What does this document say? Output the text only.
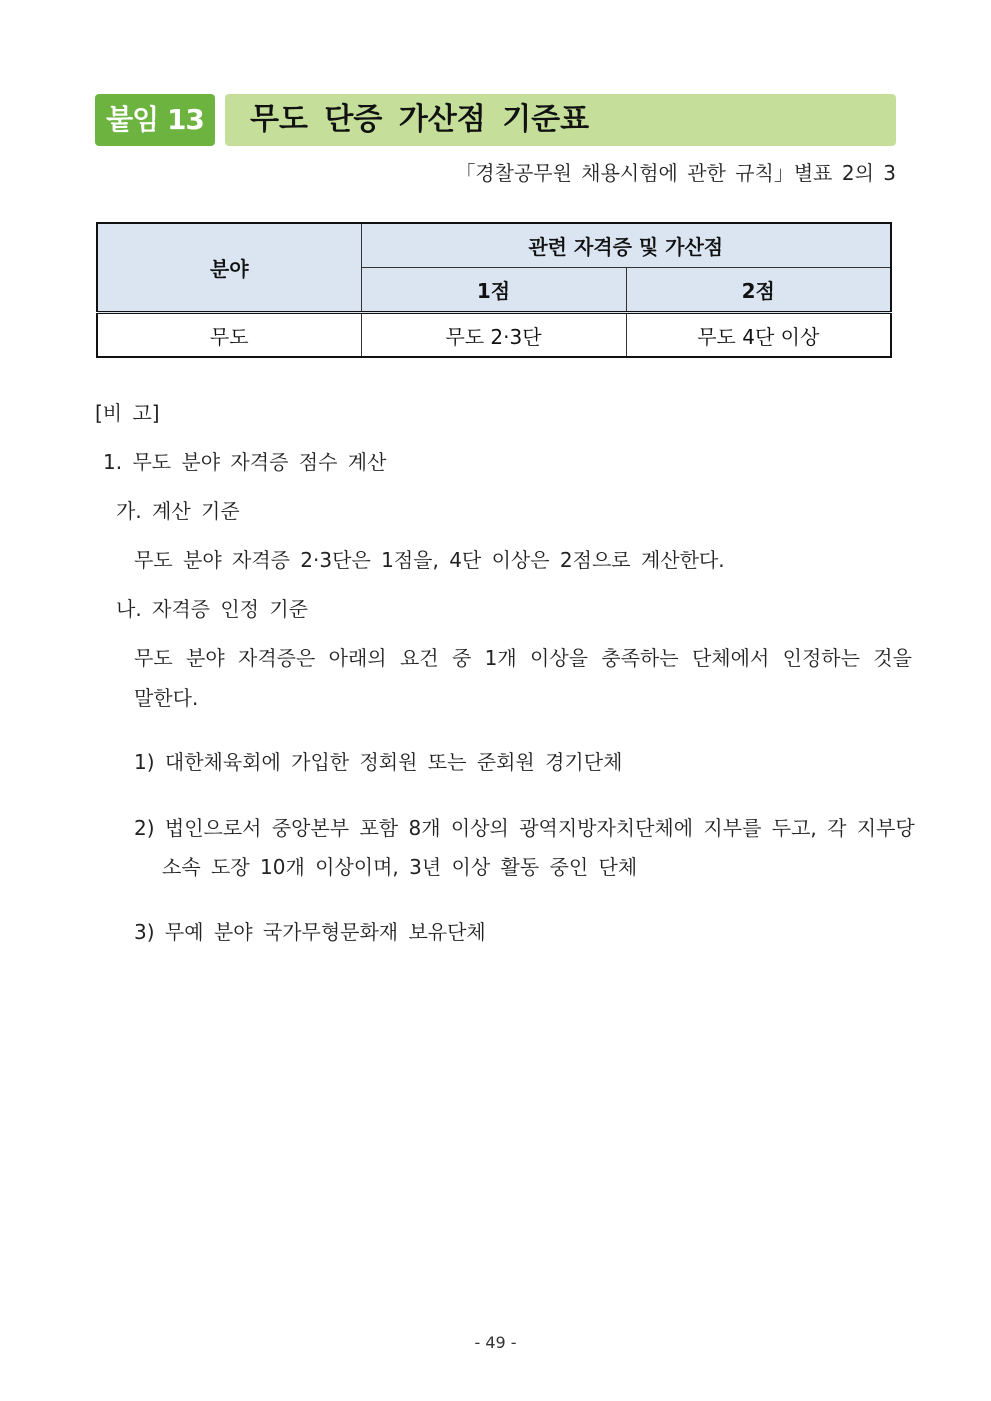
붙임 13	무도 단증 가산점 기준표
「경찰공무원 채용시험에 관한 규칙」별표 2의 3
분야	관련 자격증 및 가산점	
	1점	2점
무도	무도 2·3단	무도 4단 이상
[비 고]
1. 무도 분야 자격증 점수 계산
가. 계산 기준
무도 분야 자격증 2·3단은 1점을, 4단 이상은 2점으로 계산한다.
나. 자격증 인정 기준
무도 분야 자격증은 아래의 요건 중 1개 이상을 충족하는 단체에서 인정하는 것을
말한다.
1) 대한체육회에 가입한 정회원 또는 준회원 경기단체
2) 법인으로서 중앙본부 포함 8개 이상의 광역지방자치단체에 지부를 두고, 각 지부당
소속 도장 10개 이상이며, 3년 이상 활동 중인 단체
3) 무예 분야 국가무형문화재 보유단체
- 49 -
